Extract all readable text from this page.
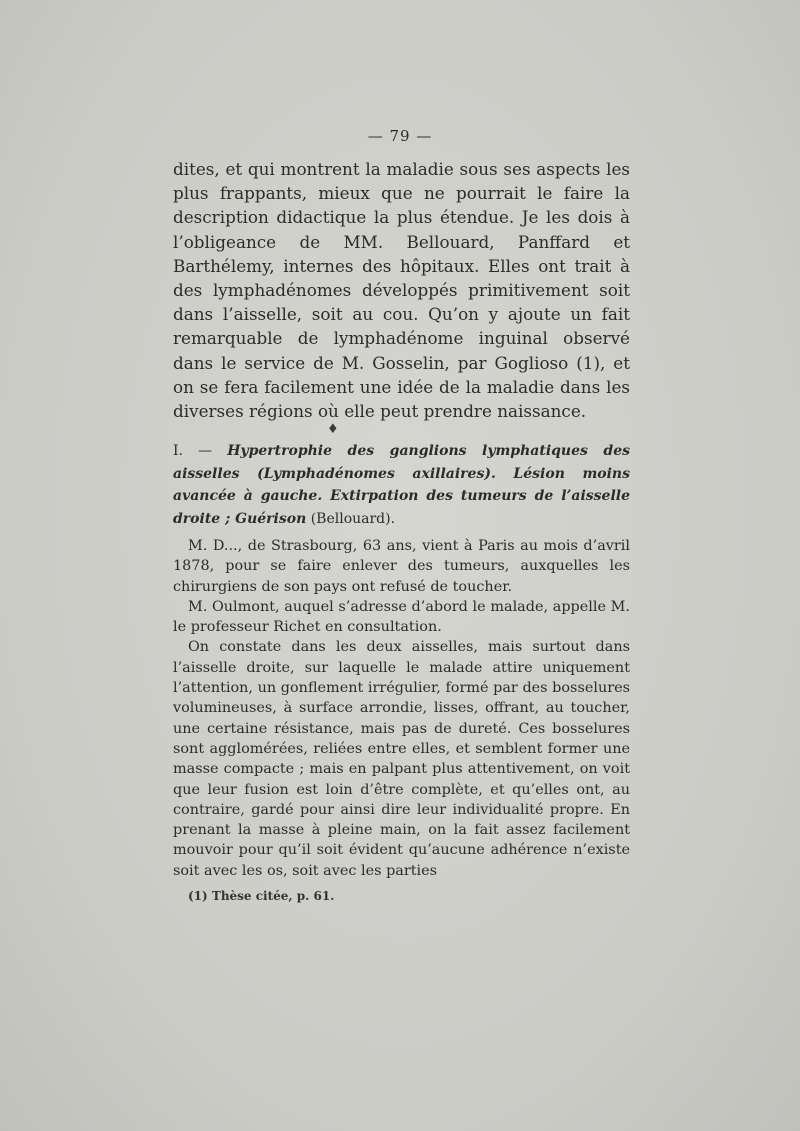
— 79 —

dites, et qui montrent la maladie sous ses aspects les plus frappants, mieux que ne pourrait le faire la description didactique la plus étendue. Je les dois à l’obligeance de MM. Bellouard, Panffard et Barthélemy, internes des hôpitaux. Elles ont trait à des lymphadénomes développés primitivement soit dans l’aisselle, soit au cou. Qu’on y ajoute un fait remarquable de lymphadénome inguinal observé dans le service de M. Gosselin, par Goglioso (1), et on se fera facilement une idée de la maladie dans les diverses régions où elle peut prendre naissance.

♦

I. — Hypertrophie des ganglions lymphatiques des aisselles (Lymphadénomes axillaires). Lésion moins avancée à gauche. Extirpation des tumeurs de l’aisselle droite ; Guérison (Bellouard).

M. D..., de Strasbourg, 63 ans, vient à Paris au mois d’avril 1878, pour se faire enlever des tumeurs, auxquelles les chirurgiens de son pays ont refusé de toucher.

M. Oulmont, auquel s’adresse d’abord le malade, appelle M. le professeur Richet en consultation.

On constate dans les deux aisselles, mais surtout dans l’aisselle droite, sur laquelle le malade attire uniquement l’attention, un gonflement irrégulier, formé par des bosselures volumineuses, à surface arrondie, lisses, offrant, au toucher, une certaine résistance, mais pas de dureté. Ces bosselures sont agglomérées, reliées entre elles, et semblent former une masse compacte ; mais en palpant plus attentivement, on voit que leur fusion est loin d’être complète, et qu’elles ont, au contraire, gardé pour ainsi dire leur individualité propre. En prenant la masse à pleine main, on la fait assez facilement mouvoir pour qu’il soit évident qu’aucune adhérence n’existe soit avec les os, soit avec les parties

(1) Thèse citée, p. 61.
